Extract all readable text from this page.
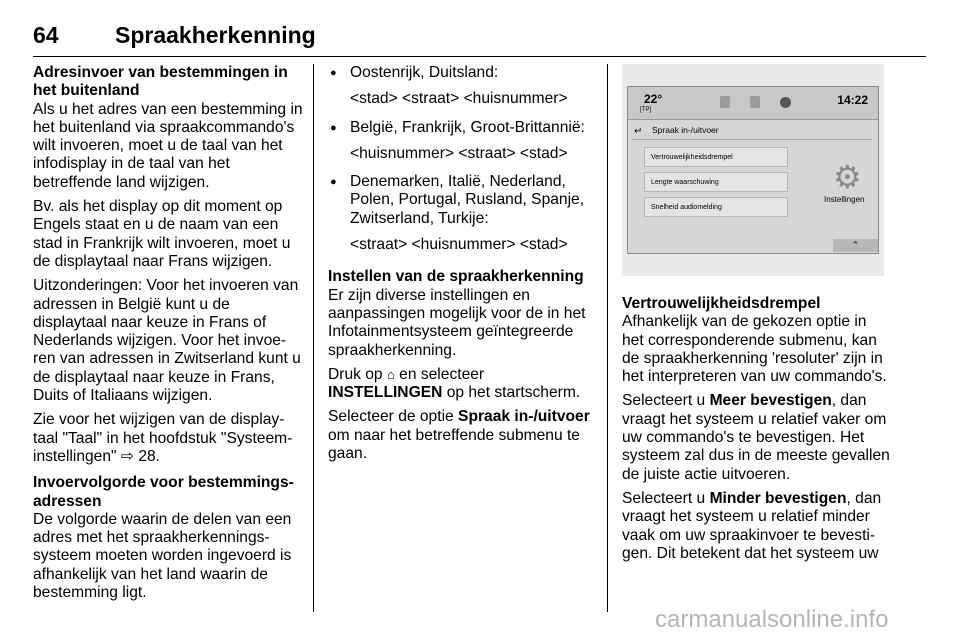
64 Spraakherkenning
Adresinvoer van bestemmingen in het buitenland

Als u het adres van een bestemming in het buitenland via spraakcommando's wilt invoeren, moet u de taal van het infodisplay in de taal van het betreffende land wijzigen.

Bv. als het display op dit moment op Engels staat en u de naam van een stad in Frankrijk wilt invoeren, moet u de displaytaal naar Frans wijzigen.

Uitzonderingen: Voor het invoeren van adressen in België kunt u de displaytaal naar keuze in Frans of Nederlands wijzigen. Voor het invoeren van adressen in Zwitserland kunt u de displaytaal naar keuze in Frans, Duits of Italiaans wijzigen.

Zie voor het wijzigen van de displaytaal "Taal" in het hoofdstuk "Systeeminstellingen" ⇨ 28.

Invoervolgorde voor bestemmingsadressen

De volgorde waarin de delen van een adres met het spraakherkenningssysteem moeten worden ingevoerd is afhankelijk van het land waarin de bestemming ligt.

● Oostenrijk, Duitsland:
<stad> <straat> <huisnummer>
● België, Frankrijk, Groot-Brittannië:
<huisnummer> <straat> <stad>
● Denemarken, Italië, Nederland, Polen, Portugal, Rusland, Spanje, Zwitserland, Turkije:
<straat> <huisnummer> <stad>
Instellen van de spraakherkenning

Er zijn diverse instellingen en aanpassingen mogelijk voor de in het Infotainmentsysteem geïntegreerde spraakherkenning.

Druk op ⌂ en selecteer INSTELLINGEN op het startscherm.

Selecteer de optie Spraak in-/uitvoer om naar het betreffende submenu te gaan.

22°
[TP]
14:22
↵ Spraak in-/uitvoer
Vertrouwelijkheidsdrempel
Lengte waarschuwing
Snelheid audiomelding
⚙
Instellingen
⌃
Vertrouwelijkheidsdrempel

Afhankelijk van de gekozen optie in het corresponderende submenu, kan de spraakherkenning 'resoluter' zijn in het interpreteren van uw commando's.

Selecteert u Meer bevestigen, dan vraagt het systeem u relatief vaker om uw commando's te bevestigen. Het systeem zal dus in de meeste gevallen de juiste actie uitvoeren.

Selecteert u Minder bevestigen, dan vraagt het systeem u relatief minder vaak om uw spraakinvoer te bevestigen. Dit betekent dat het systeem uw

carmanualsonline.info
